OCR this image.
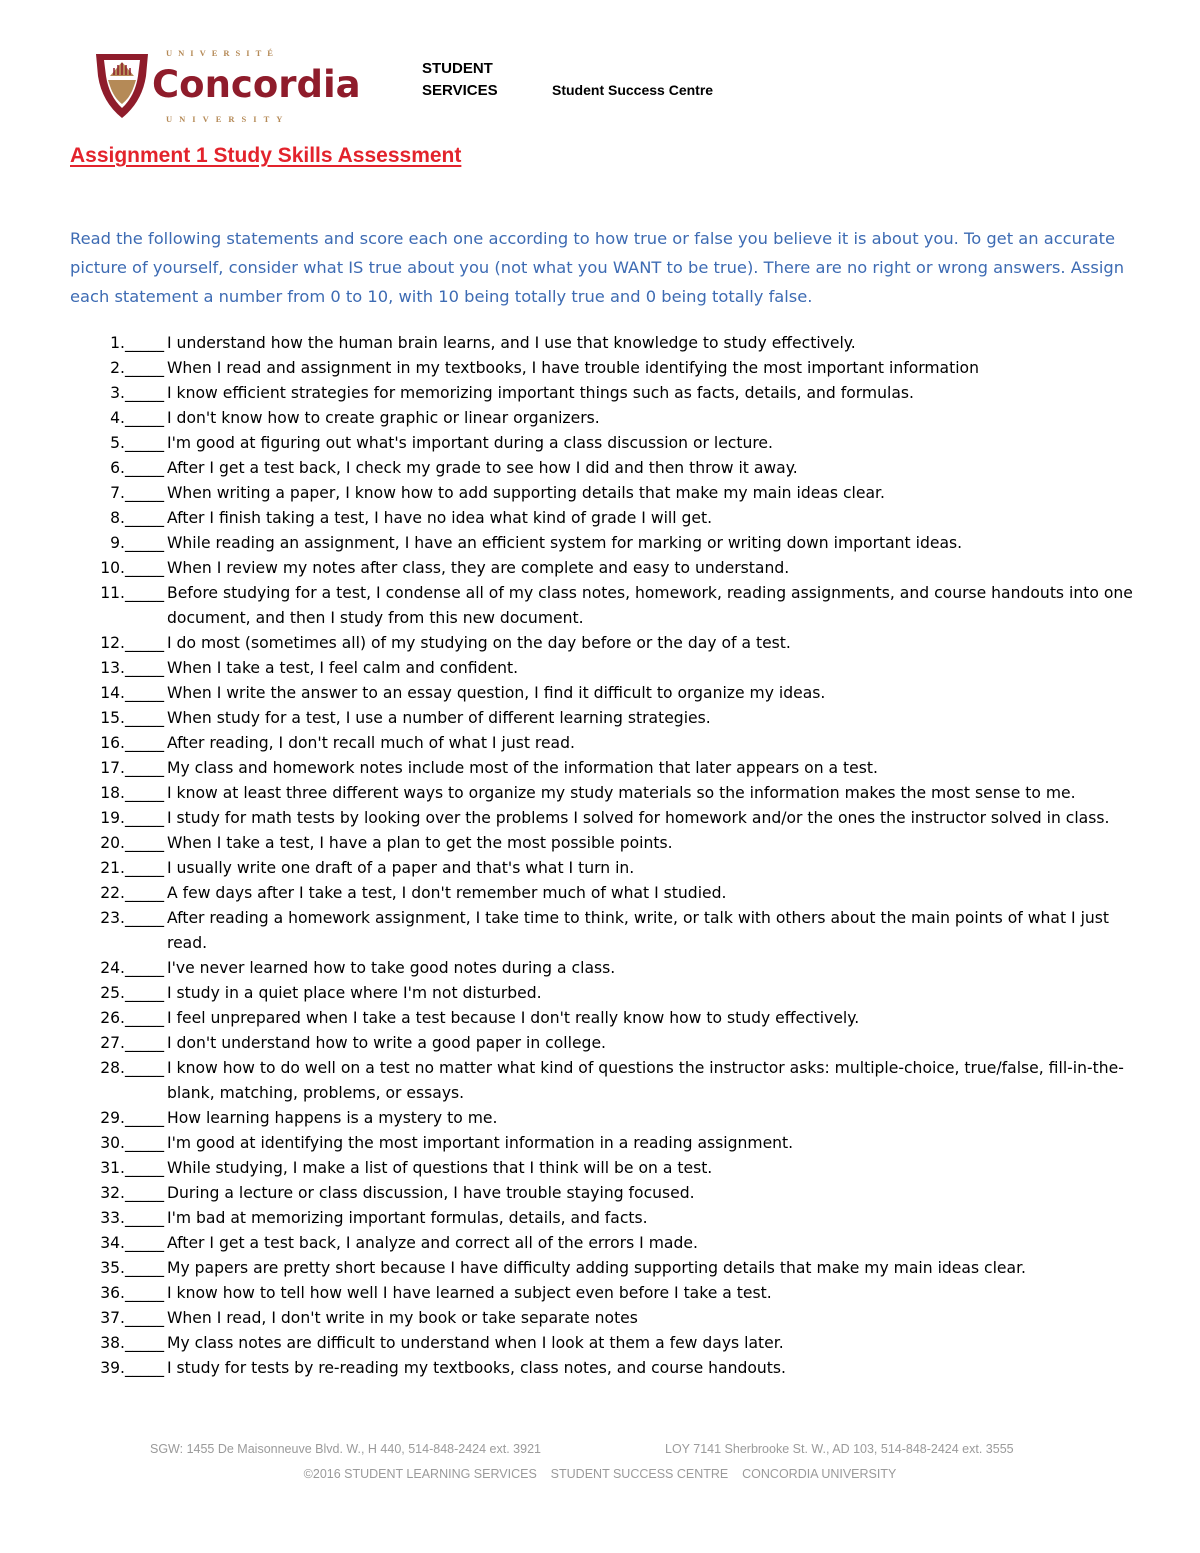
UNIVERSITÉ
Concordia
UNIVERSITY
STUDENT
SERVICES	Student Success Centre
Assignment 1 Study Skills Assessment

Read the following statements and score each one according to how true or false you believe it is about you. To get an accurate picture of yourself, consider what IS true about you (not what you WANT to be true). There are no right or wrong answers. Assign each statement a number from 0 to 10, with 10 being totally true and 0 being totally false.

1._____ I understand how the human brain learns, and I use that knowledge to study effectively.
2._____ When I read and assignment in my textbooks, I have trouble identifying the most important information
3._____ I know efficient strategies for memorizing important things such as facts, details, and formulas.
4._____ I don't know how to create graphic or linear organizers.
5._____ I'm good at figuring out what's important during a class discussion or lecture.
6._____ After I get a test back, I check my grade to see how I did and then throw it away.
7._____ When writing a paper, I know how to add supporting details that make my main ideas clear.
8._____ After I finish taking a test, I have no idea what kind of grade I will get.
9._____ While reading an assignment, I have an efficient system for marking or writing down important ideas.
10._____ When I review my notes after class, they are complete and easy to understand.
11._____ Before studying for a test, I condense all of my class notes, homework, reading assignments, and course handouts into one document, and then I study from this new document.
12._____ I do most (sometimes all) of my studying on the day before or the day of a test.
13._____ When I take a test, I feel calm and confident.
14._____ When I write the answer to an essay question, I find it difficult to organize my ideas.
15._____ When study for a test, I use a number of different learning strategies.
16._____ After reading, I don't recall much of what I just read.
17._____ My class and homework notes include most of the information that later appears on a test.
18._____ I know at least three different ways to organize my study materials so the information makes the most sense to me.
19._____ I study for math tests by looking over the problems I solved for homework and/or the ones the instructor solved in class.
20._____ When I take a test, I have a plan to get the most possible points.
21._____ I usually write one draft of a paper and that's what I turn in.
22._____ A few days after I take a test, I don't remember much of what I studied.
23._____ After reading a homework assignment, I take time to think, write, or talk with others about the main points of what I just read.
24._____ I've never learned how to take good notes during a class.
25._____ I study in a quiet place where I'm not disturbed.
26._____ I feel unprepared when I take a test because I don't really know how to study effectively.
27._____ I don't understand how to write a good paper in college.
28._____ I know how to do well on a test no matter what kind of questions the instructor asks: multiple-choice, true/false, fill-in-the-blank, matching, problems, or essays.
29._____ How learning happens is a mystery to me.
30._____ I'm good at identifying the most important information in a reading assignment.
31._____ While studying, I make a list of questions that I think will be on a test.
32._____ During a lecture or class discussion, I have trouble staying focused.
33._____ I'm bad at memorizing important formulas, details, and facts.
34._____ After I get a test back, I analyze and correct all of the errors I made.
35._____ My papers are pretty short because I have difficulty adding supporting details that make my main ideas clear.
36._____ I know how to tell how well I have learned a subject even before I take a test.
37._____ When I read, I don't write in my book or take separate notes
38._____ My class notes are difficult to understand when I look at them a few days later.
39._____ I study for tests by re-reading my textbooks, class notes, and course handouts.
SGW: 1455 De Maisonneuve Blvd. W., H 440, 514-848-2424 ext. 3921	LOY 7141 Sherbrooke St. W., AD 103, 514-848-2424 ext. 3555
©2016 STUDENT LEARNING SERVICES    STUDENT SUCCESS CENTRE    CONCORDIA UNIVERSITY
